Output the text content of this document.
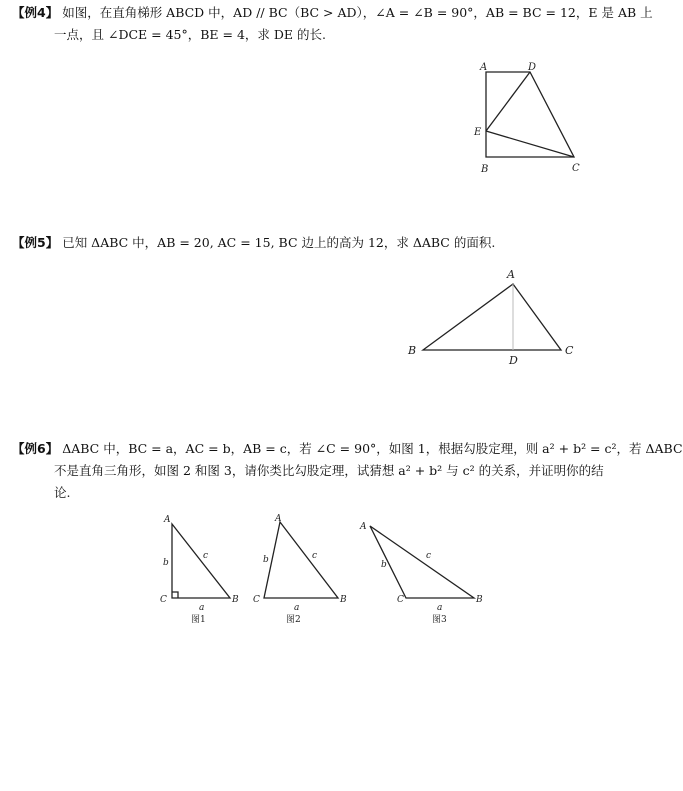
【例4】 如图，在直角梯形 ABCD 中，AD // BC（BC > AD），∠A = ∠B = 90°，AB = BC = 12，E 是 AB 上
一点，且 ∠DCE = 45°，BE = 4，求 DE 的长.
A	D
E
B	C
【例5】 已知 ΔABC 中，AB = 20, AC = 15, BC 边上的高为 12，求 ΔABC 的面积.
A
B
D
C
【例6】 ΔABC 中，BC = a，AC = b，AB = c，若 ∠C = 90°，如图 1，根据勾股定理，则 a² + b² = c²，若 ΔABC
不是直角三角形，如图 2 和图 3，请你类比勾股定理，试猜想 a² + b² 与 c² 的关系，并证明你的结
论.
A
C	B
b
c
a
图1
A
C	B
b	c
a
图2
A
C	B
b
c
a
图3
